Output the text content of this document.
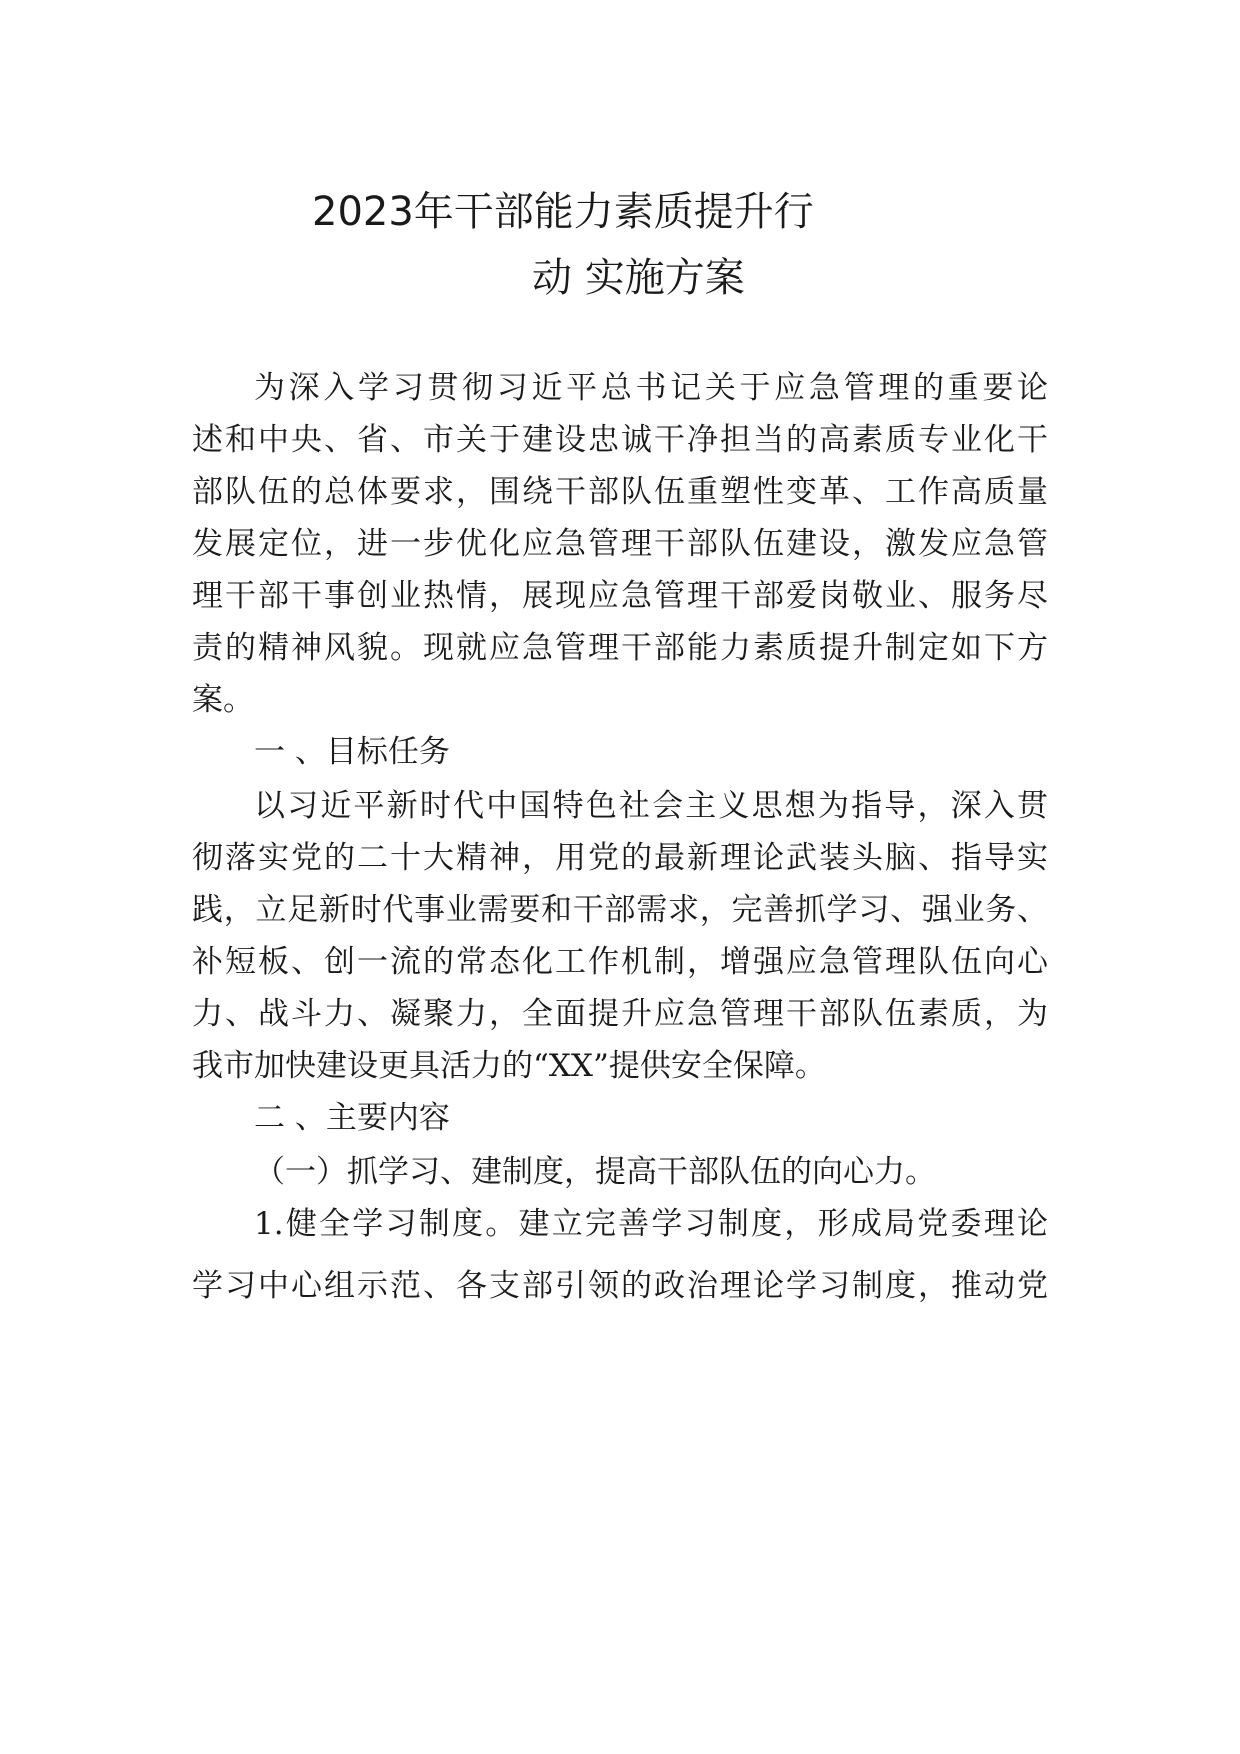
2023年干部能力素质提升行
动 实施方案
为深入学习贯彻习近平总书记关于应急管理的重要论
述和中央、省、市关于建设忠诚干净担当的高素质专业化干
部队伍的总体要求，围绕干部队伍重塑性变革、工作高质量
发展定位，进一步优化应急管理干部队伍建设，激发应急管
理干部干事创业热情，展现应急管理干部爱岗敬业、服务尽
责的精神风貌。现就应急管理干部能力素质提升制定如下方
案。
一 、目标任务
以习近平新时代中国特色社会主义思想为指导，深入贯
彻落实党的二十大精神，用党的最新理论武装头脑、指导实
践，立足新时代事业需要和干部需求，完善抓学习、强业务、
补短板、创一流的常态化工作机制，增强应急管理队伍向心
力、战斗力、凝聚力，全面提升应急管理干部队伍素质，为
我市加快建设更具活力的“XX”提供安全保障。
二 、主要内容
（一）抓学习、建制度，提高干部队伍的向心力。
1.健全学习制度。建立完善学习制度，形成局党委理论
学习中心组示范、各支部引领的政治理论学习制度，推动党
